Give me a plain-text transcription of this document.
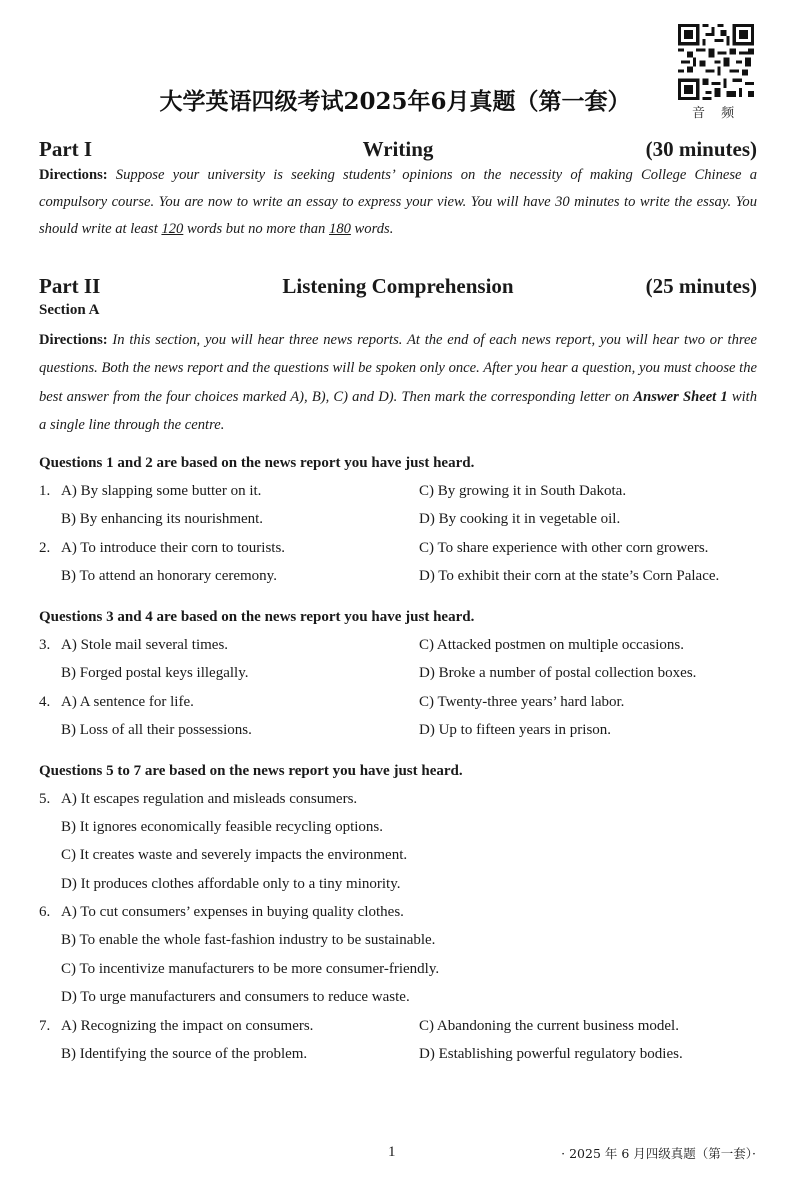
音 频
大学英语四级考试2025年6月真题（第一套）
Part I	Writing	(30 minutes)
Directions: Suppose your university is seeking students’ opinions on the necessity of making College Chinese a compulsory course. You are now to write an essay to express your view. You will have 30 minutes to write the essay. You should write at least 120 words but no more than 180 words.
Part II	Listening Comprehension	(25 minutes)
Section A
Directions: In this section, you will hear three news reports. At the end of each news report, you will hear two or three questions. Both the news report and the questions will be spoken only once. After you hear a question, you must choose the best answer from the four choices marked A), B), C) and D). Then mark the corresponding letter on Answer Sheet 1 with a single line through the centre.
Questions 1 and 2 are based on the news report you have just heard.
1. A) By slapping some butter on it.	C) By growing it in South Dakota.
B) By enhancing its nourishment.	D) By cooking it in vegetable oil.
2. A) To introduce their corn to tourists.	C) To share experience with other corn growers.
B) To attend an honorary ceremony.	D) To exhibit their corn at the state’s Corn Palace.
Questions 3 and 4 are based on the news report you have just heard.
3. A) Stole mail several times.	C) Attacked postmen on multiple occasions.
B) Forged postal keys illegally.	D) Broke a number of postal collection boxes.
4. A) A sentence for life.	C) Twenty-three years’ hard labor.
B) Loss of all their possessions.	D) Up to fifteen years in prison.
Questions 5 to 7 are based on the news report you have just heard.
5. A) It escapes regulation and misleads consumers.
B) It ignores economically feasible recycling options.
C) It creates waste and severely impacts the environment.
D) It produces clothes affordable only to a tiny minority.
6. A) To cut consumers’ expenses in buying quality clothes.
B) To enable the whole fast-fashion industry to be sustainable.
C) To incentivize manufacturers to be more consumer-friendly.
D) To urge manufacturers and consumers to reduce waste.
7. A) Recognizing the impact on consumers.	C) Abandoning the current business model.
B) Identifying the source of the problem.	D) Establishing powerful regulatory bodies.
1	· 2025 年 6 月四级真题（第一套）·
